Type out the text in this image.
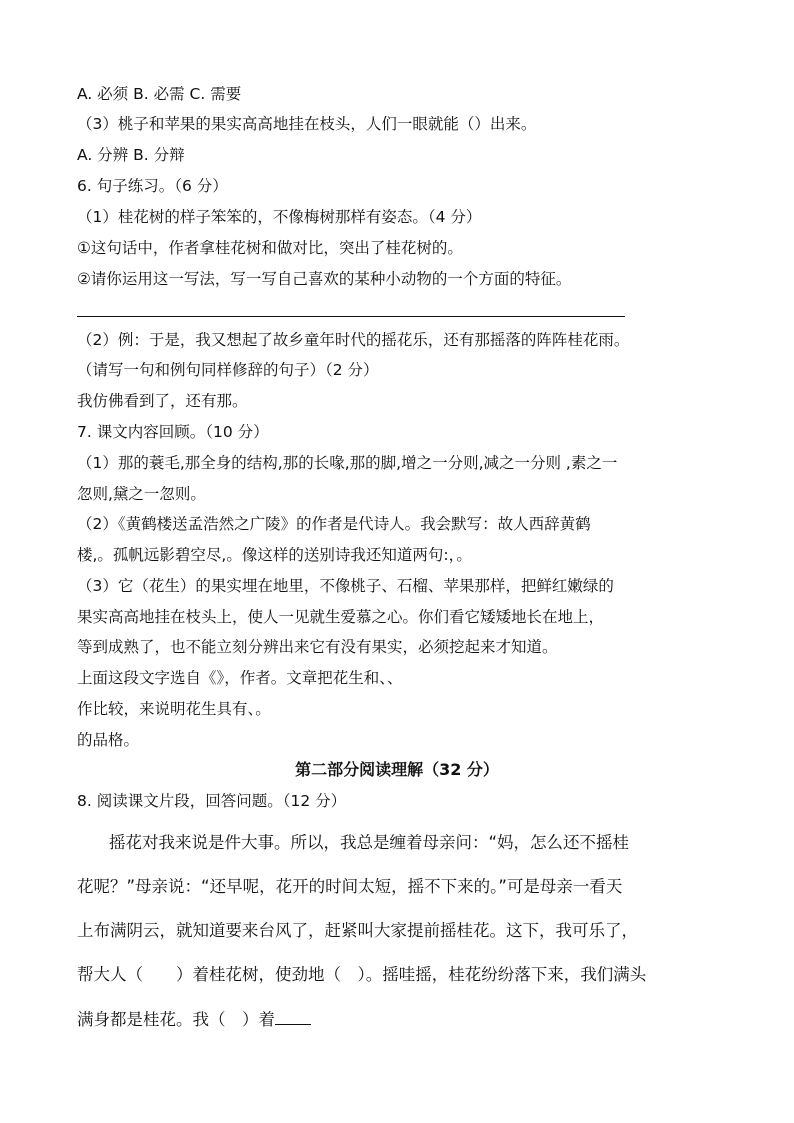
A. 必须 B. 必需 C. 需要
（3）桃子和苹果的果实高高地挂在枝头，人们一眼就能（）出来。
A. 分辨 B. 分辩
6. 句子练习。（6 分）
（1）桂花树的样子笨笨的，不像梅树那样有姿态。（4 分）
①这句话中，作者拿桂花树和做对比，突出了桂花树的。
②请你运用这一写法，写一写自己喜欢的某种小动物的一个方面的特征。
（2）例：于是，我又想起了故乡童年时代的摇花乐，还有那摇落的阵阵桂花雨。
（请写一句和例句同样修辞的句子）（2 分）
我仿佛看到了，还有那。
7. 课文内容回顾。（10 分）
（1）那的蓑毛,那全身的结构,那的长喙,那的脚,增之一分则,减之一分则 ,素之一
忽则,黛之一忽则。
（2）《黄鹤楼送孟浩然之广陵》的作者是代诗人。我会默写：故人西辞黄鹤
楼,。孤帆远影碧空尽,。像这样的送别诗我还知道两句:，。
（3）它（花生）的果实埋在地里，不像桃子、石榴、苹果那样，把鲜红嫩绿的
果实高高地挂在枝头上，使人一见就生爱慕之心。你们看它矮矮地长在地上，
等到成熟了，也不能立刻分辨出来它有没有果实，必须挖起来才知道。
上面这段文字选自《》，作者。文章把花生和、、
作比较，来说明花生具有、。
的品格。
第二部分阅读理解（32 分）
8. 阅读课文片段，回答问题。（12 分）
摇花对我来说是件大事。所以，我总是缠着母亲问：“妈，怎么还不摇桂
花呢？”母亲说：“还早呢，花开的时间太短，摇不下来的。”可是母亲一看天
上布满阴云，就知道要来台风了，赶紧叫大家提前摇桂花。这下，我可乐了，
帮大人（　　）着桂花树，使劲地（　）。摇哇摇，桂花纷纷落下来，我们满头
满身都是桂花。我（　）着
